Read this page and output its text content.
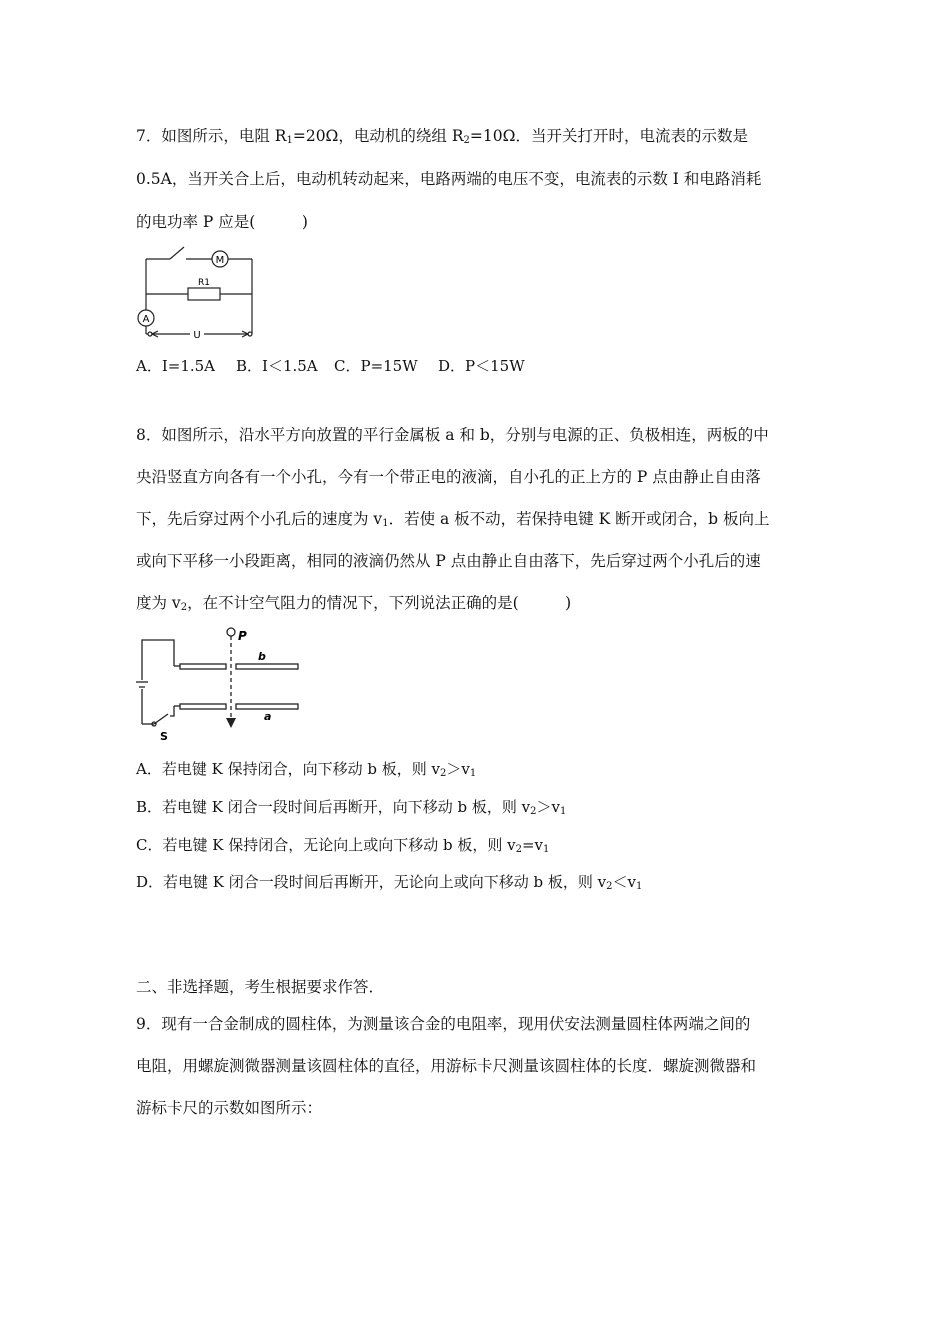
7．如图所示，电阻 $R_1=20\Omega$，电动机的绕组 $R_2=10\Omega$．当开关打开时，电流表的示数是
0.5A，当开关合上后，电动机转动起来，电路两端的电压不变，电流表的示数 I 和电路消耗
的电功率 P 应是(　　　)
M
R1
A
U
A．I=1.5A B．I＜1.5A C．P=15W D．P＜15W
8．如图所示，沿水平方向放置的平行金属板 a 和 b，分别与电源的正、负极相连，两板的中
央沿竖直方向各有一个小孔，今有一个带正电的液滴，自小孔的正上方的 P 点由静止自由落
下，先后穿过两个小孔后的速度为 $v_1$．若使 a 板不动，若保持电键 K 断开或闭合，b 板向上
或向下平移一小段距离，相同的液滴仍然从 P 点由静止自由落下，先后穿过两个小孔后的速
度为 $v_2$，在不计空气阻力的情况下，下列说法正确的是(　　　)
P
b
a
S
A．若电键 K 保持闭合，向下移动 b 板，则 $v_2>v_1$
B．若电键 K 闭合一段时间后再断开，向下移动 b 板，则 $v_2>v_1$
C．若电键 K 保持闭合，无论向上或向下移动 b 板，则 $v_2=v_1$
D．若电键 K 闭合一段时间后再断开，无论向上或向下移动 b 板，则 $v_2<v_1$
二、非选择题，考生根据要求作答．
9．现有一合金制成的圆柱体，为测量该合金的电阻率，现用伏安法测量圆柱体两端之间的
电阻，用螺旋测微器测量该圆柱体的直径，用游标卡尺测量该圆柱体的长度．螺旋测微器和
游标卡尺的示数如图所示：
